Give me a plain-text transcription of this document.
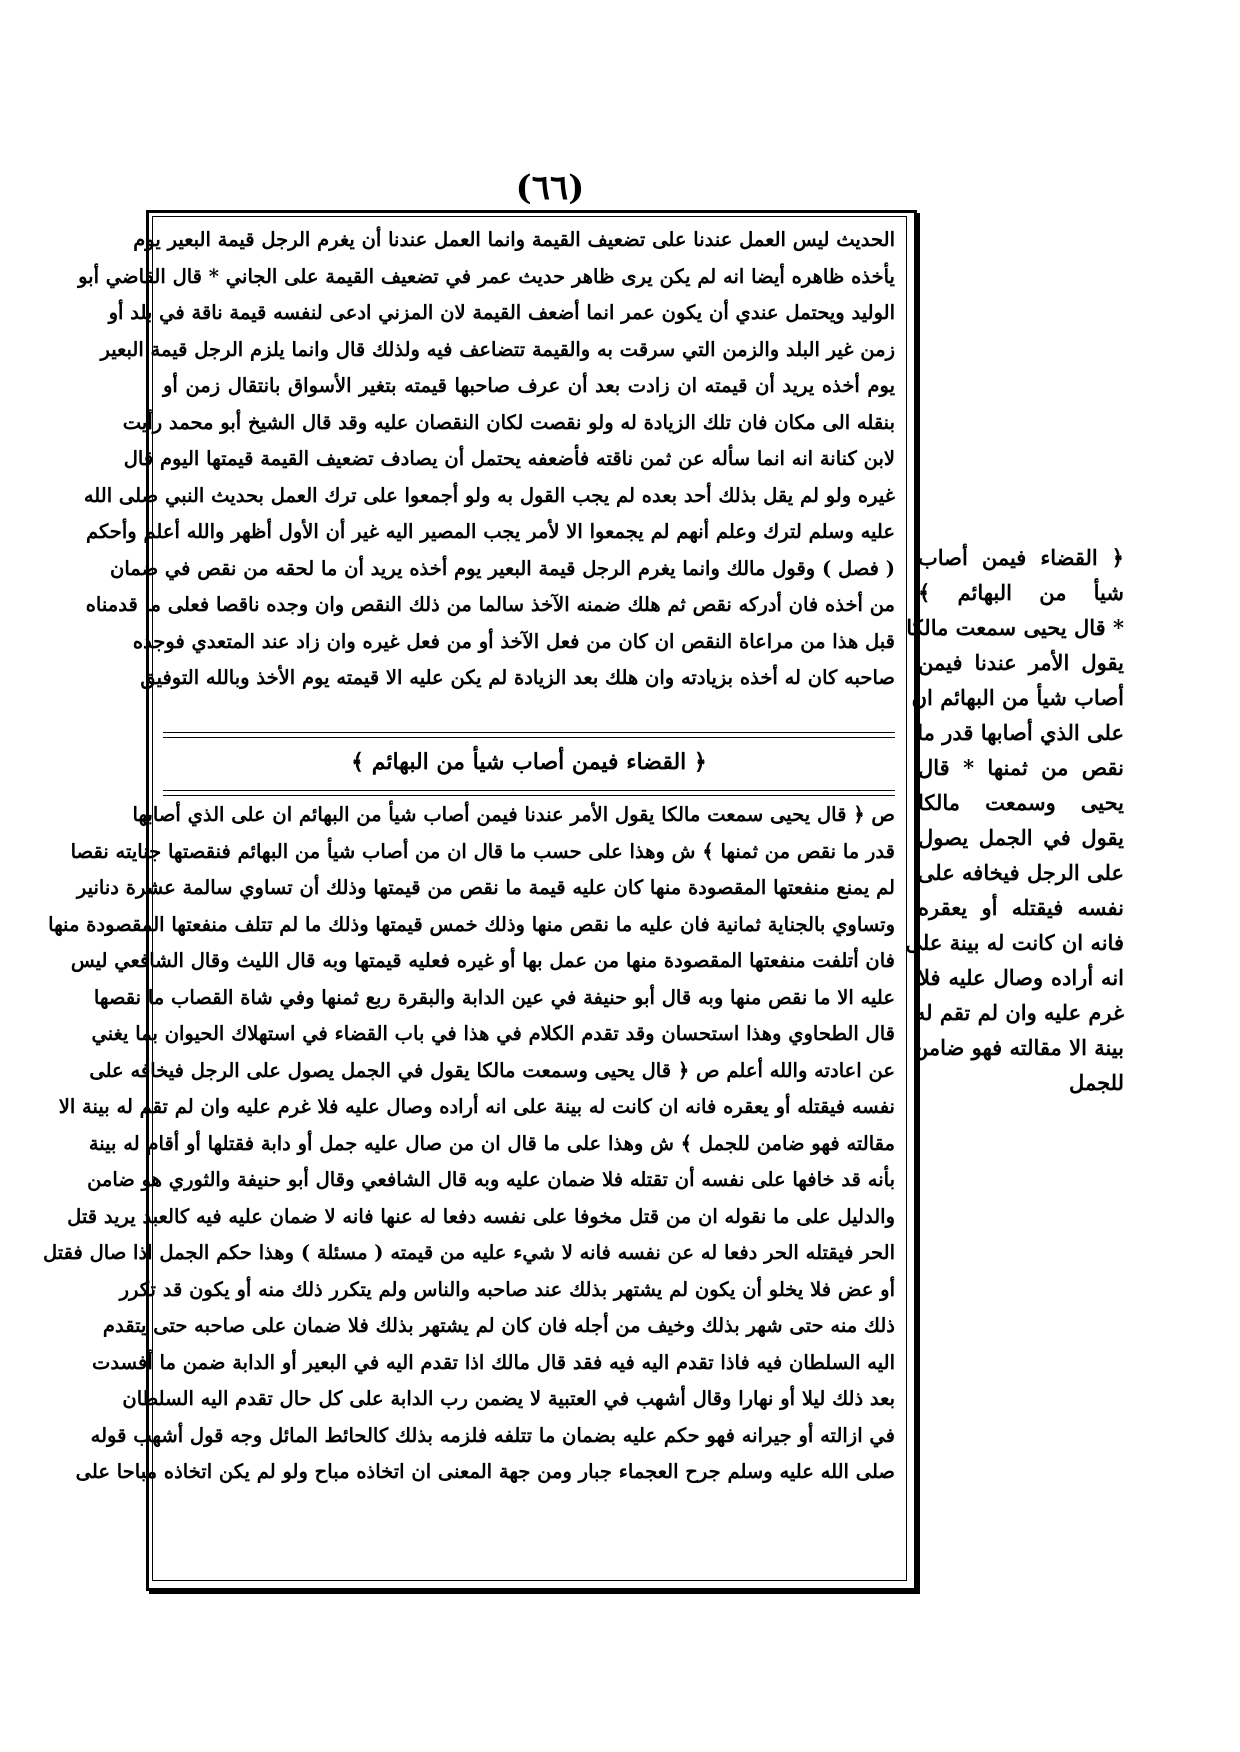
(٦٦)
الحديث ليس العمل عندنا على تضعيف القيمة وانما العمل عندنا أن يغرم الرجل قيمة البعير يوم
يأخذه ظاهره أيضا انه لم يكن يرى ظاهر حديث عمر في تضعيف القيمة على الجاني * قال القاضي أبو
الوليد ويحتمل عندي أن يكون عمر انما أضعف القيمة لان المزني ادعى لنفسه قيمة ناقة في بلد أو
زمن غير البلد والزمن التي سرقت به والقيمة تتضاعف فيه ولذلك قال وانما يلزم الرجل قيمة البعير
يوم أخذه يريد أن قيمته ان زادت بعد أن عرف صاحبها قيمته بتغير الأسواق بانتقال زمن أو
بنقله الى مكان فان تلك الزيادة له ولو نقصت لكان النقصان عليه وقد قال الشيخ أبو محمد رأيت
لابن كنانة انه انما سأله عن ثمن ناقته فأضعفه يحتمل أن يصادف تضعيف القيمة قيمتها اليوم قال
غيره ولو لم يقل بذلك أحد بعده لم يجب القول به ولو أجمعوا على ترك العمل بحديث النبي صلى الله
عليه وسلم لترك وعلم أنهم لم يجمعوا الا لأمر يجب المصير اليه غير أن الأول أظهر والله أعلم وأحكم
( فصل ) وقول مالك وانما يغرم الرجل قيمة البعير يوم أخذه يريد أن ما لحقه من نقص في ضمان
من أخذه فان أدركه نقص ثم هلك ضمنه الآخذ سالما من ذلك النقص وان وجده ناقصا فعلى ما قدمناه
قبل هذا من مراعاة النقص ان كان من فعل الآخذ أو من فعل غيره وان زاد عند المتعدي فوجده
صاحبه كان له أخذه بزيادته وان هلك بعد الزيادة لم يكن عليه الا قيمته يوم الأخذ وبالله التوفيق
﴿ القضاء فيمن أصاب شيأ من البهائم ﴾
ص ﴿ قال يحيى سمعت مالكا يقول الأمر عندنا فيمن أصاب شيأ من البهائم ان على الذي أصابها
قدر ما نقص من ثمنها ﴾ ش وهذا على حسب ما قال ان من أصاب شيأ من البهائم فنقصتها جنايته نقصا
لم يمنع منفعتها المقصودة منها كان عليه قيمة ما نقص من قيمتها وذلك أن تساوي سالمة عشرة دنانير
وتساوي بالجناية ثمانية فان عليه ما نقص منها وذلك خمس قيمتها وذلك ما لم تتلف منفعتها المقصودة منها
فان أتلفت منفعتها المقصودة منها من عمل بها أو غيره فعليه قيمتها وبه قال الليث وقال الشافعي ليس
عليه الا ما نقص منها وبه قال أبو حنيفة في عين الدابة والبقرة ربع ثمنها وفي شاة القصاب ما نقصها
قال الطحاوي وهذا استحسان وقد تقدم الكلام في هذا في باب القضاء في استهلاك الحيوان بما يغني
عن اعادته والله أعلم ص ﴿ قال يحيى وسمعت مالكا يقول في الجمل يصول على الرجل فيخافه على
نفسه فيقتله أو يعقره فانه ان كانت له بينة على انه أراده وصال عليه فلا غرم عليه وان لم تقم له بينة الا
مقالته فهو ضامن للجمل ﴾ ش وهذا على ما قال ان من صال عليه جمل أو دابة فقتلها أو أقام له بينة
بأنه قد خافها على نفسه أن تقتله فلا ضمان عليه وبه قال الشافعي وقال أبو حنيفة والثوري هو ضامن
والدليل على ما نقوله ان من قتل مخوفا على نفسه دفعا له عنها فانه لا ضمان عليه فيه كالعبد يريد قتل
الحر فيقتله الحر دفعا له عن نفسه فانه لا شيء عليه من قيمته ( مسئلة ) وهذا حكم الجمل اذا صال فقتل
أو عض فلا يخلو أن يكون لم يشتهر بذلك عند صاحبه والناس ولم يتكرر ذلك منه أو يكون قد تكرر
ذلك منه حتى شهر بذلك وخيف من أجله فان كان لم يشتهر بذلك فلا ضمان على صاحبه حتى يتقدم
اليه السلطان فيه فاذا تقدم اليه فيه فقد قال مالك اذا تقدم اليه في البعير أو الدابة ضمن ما أفسدت
بعد ذلك ليلا أو نهارا وقال أشهب في العتبية لا يضمن رب الدابة على كل حال تقدم اليه السلطان
في ازالته أو جيرانه فهو حكم عليه بضمان ما تتلفه فلزمه بذلك كالحائط المائل وجه قول أشهب قوله
صلى الله عليه وسلم جرح العجماء جبار ومن جهة المعنى ان اتخاذه مباح ولو لم يكن اتخاذه مباحا على
﴿ القضاء فيمن أصاب
شيأ من البهائم ﴾
* قال يحيى سمعت مالكا
يقول الأمر عندنا فيمن
أصاب شيأ من البهائم ان
على الذي أصابها قدر ما
نقص من ثمنها * قال
يحيى وسمعت مالكا
يقول في الجمل يصول
على الرجل فيخافه على
نفسه فيقتله أو يعقره
فانه ان كانت له بينة على
انه أراده وصال عليه فلا
غرم عليه وان لم تقم له
بينة الا مقالته فهو ضامن
للجمل
